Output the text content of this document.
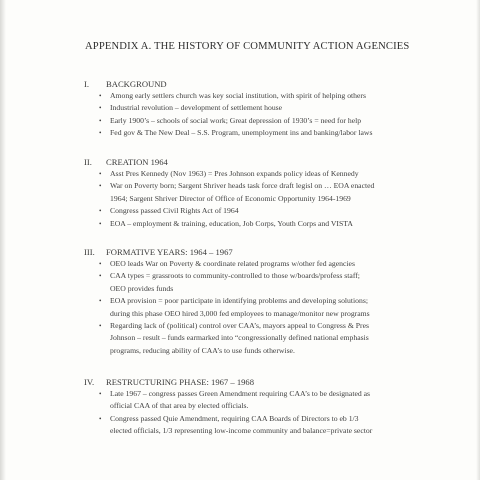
APPENDIX A. THE HISTORY OF COMMUNITY ACTION AGENCIES
I. BACKGROUND
• Among early settlers church was key social institution, with spirit of helping others
• Industrial revolution – development of settlement house
• Early 1900’s – schools of social work; Great depression of 1930’s = need for help
• Fed gov & The New Deal – S.S. Program, unemployment ins and banking/labor laws
II. CREATION 1964
• Asst Pres Kennedy (Nov 1963) = Pres Johnson expands policy ideas of Kennedy
• War on Poverty born; Sargent Shriver heads task force draft legisl on … EOA enacted
1964; Sargent Shriver Director of Office of Economic Opportunity 1964-1969
• Congress passed Civil Rights Act of 1964
• EOA – employment & training, education, Job Corps, Youth Corps and VISTA
III. FORMATIVE YEARS: 1964 – 1967
• OEO leads War on Poverty & coordinate related programs w/other fed agencies
• CAA types = grassroots to community-controlled to those w/boards/profess staff;
OEO provides funds
• EOA provision = poor participate in identifying problems and developing solutions;
during this phase OEO hired 3,000 fed employees to manage/monitor new programs
• Regarding lack of (political) control over CAA’s, mayors appeal to Congress & Pres
Johnson – result – funds earmarked into “congressionally defined national emphasis
programs, reducing ability of CAA’s to use funds otherwise.
IV. RESTRUCTURING PHASE: 1967 – 1968
• Late 1967 – congress passes Green Amendment requiring CAA’s to be designated as
official CAA of that area by elected officials.
• Congress passed Quie Amendment, requiring CAA Boards of Directors to eb 1/3
elected officials, 1/3 representing low-income community and balance=private sector
